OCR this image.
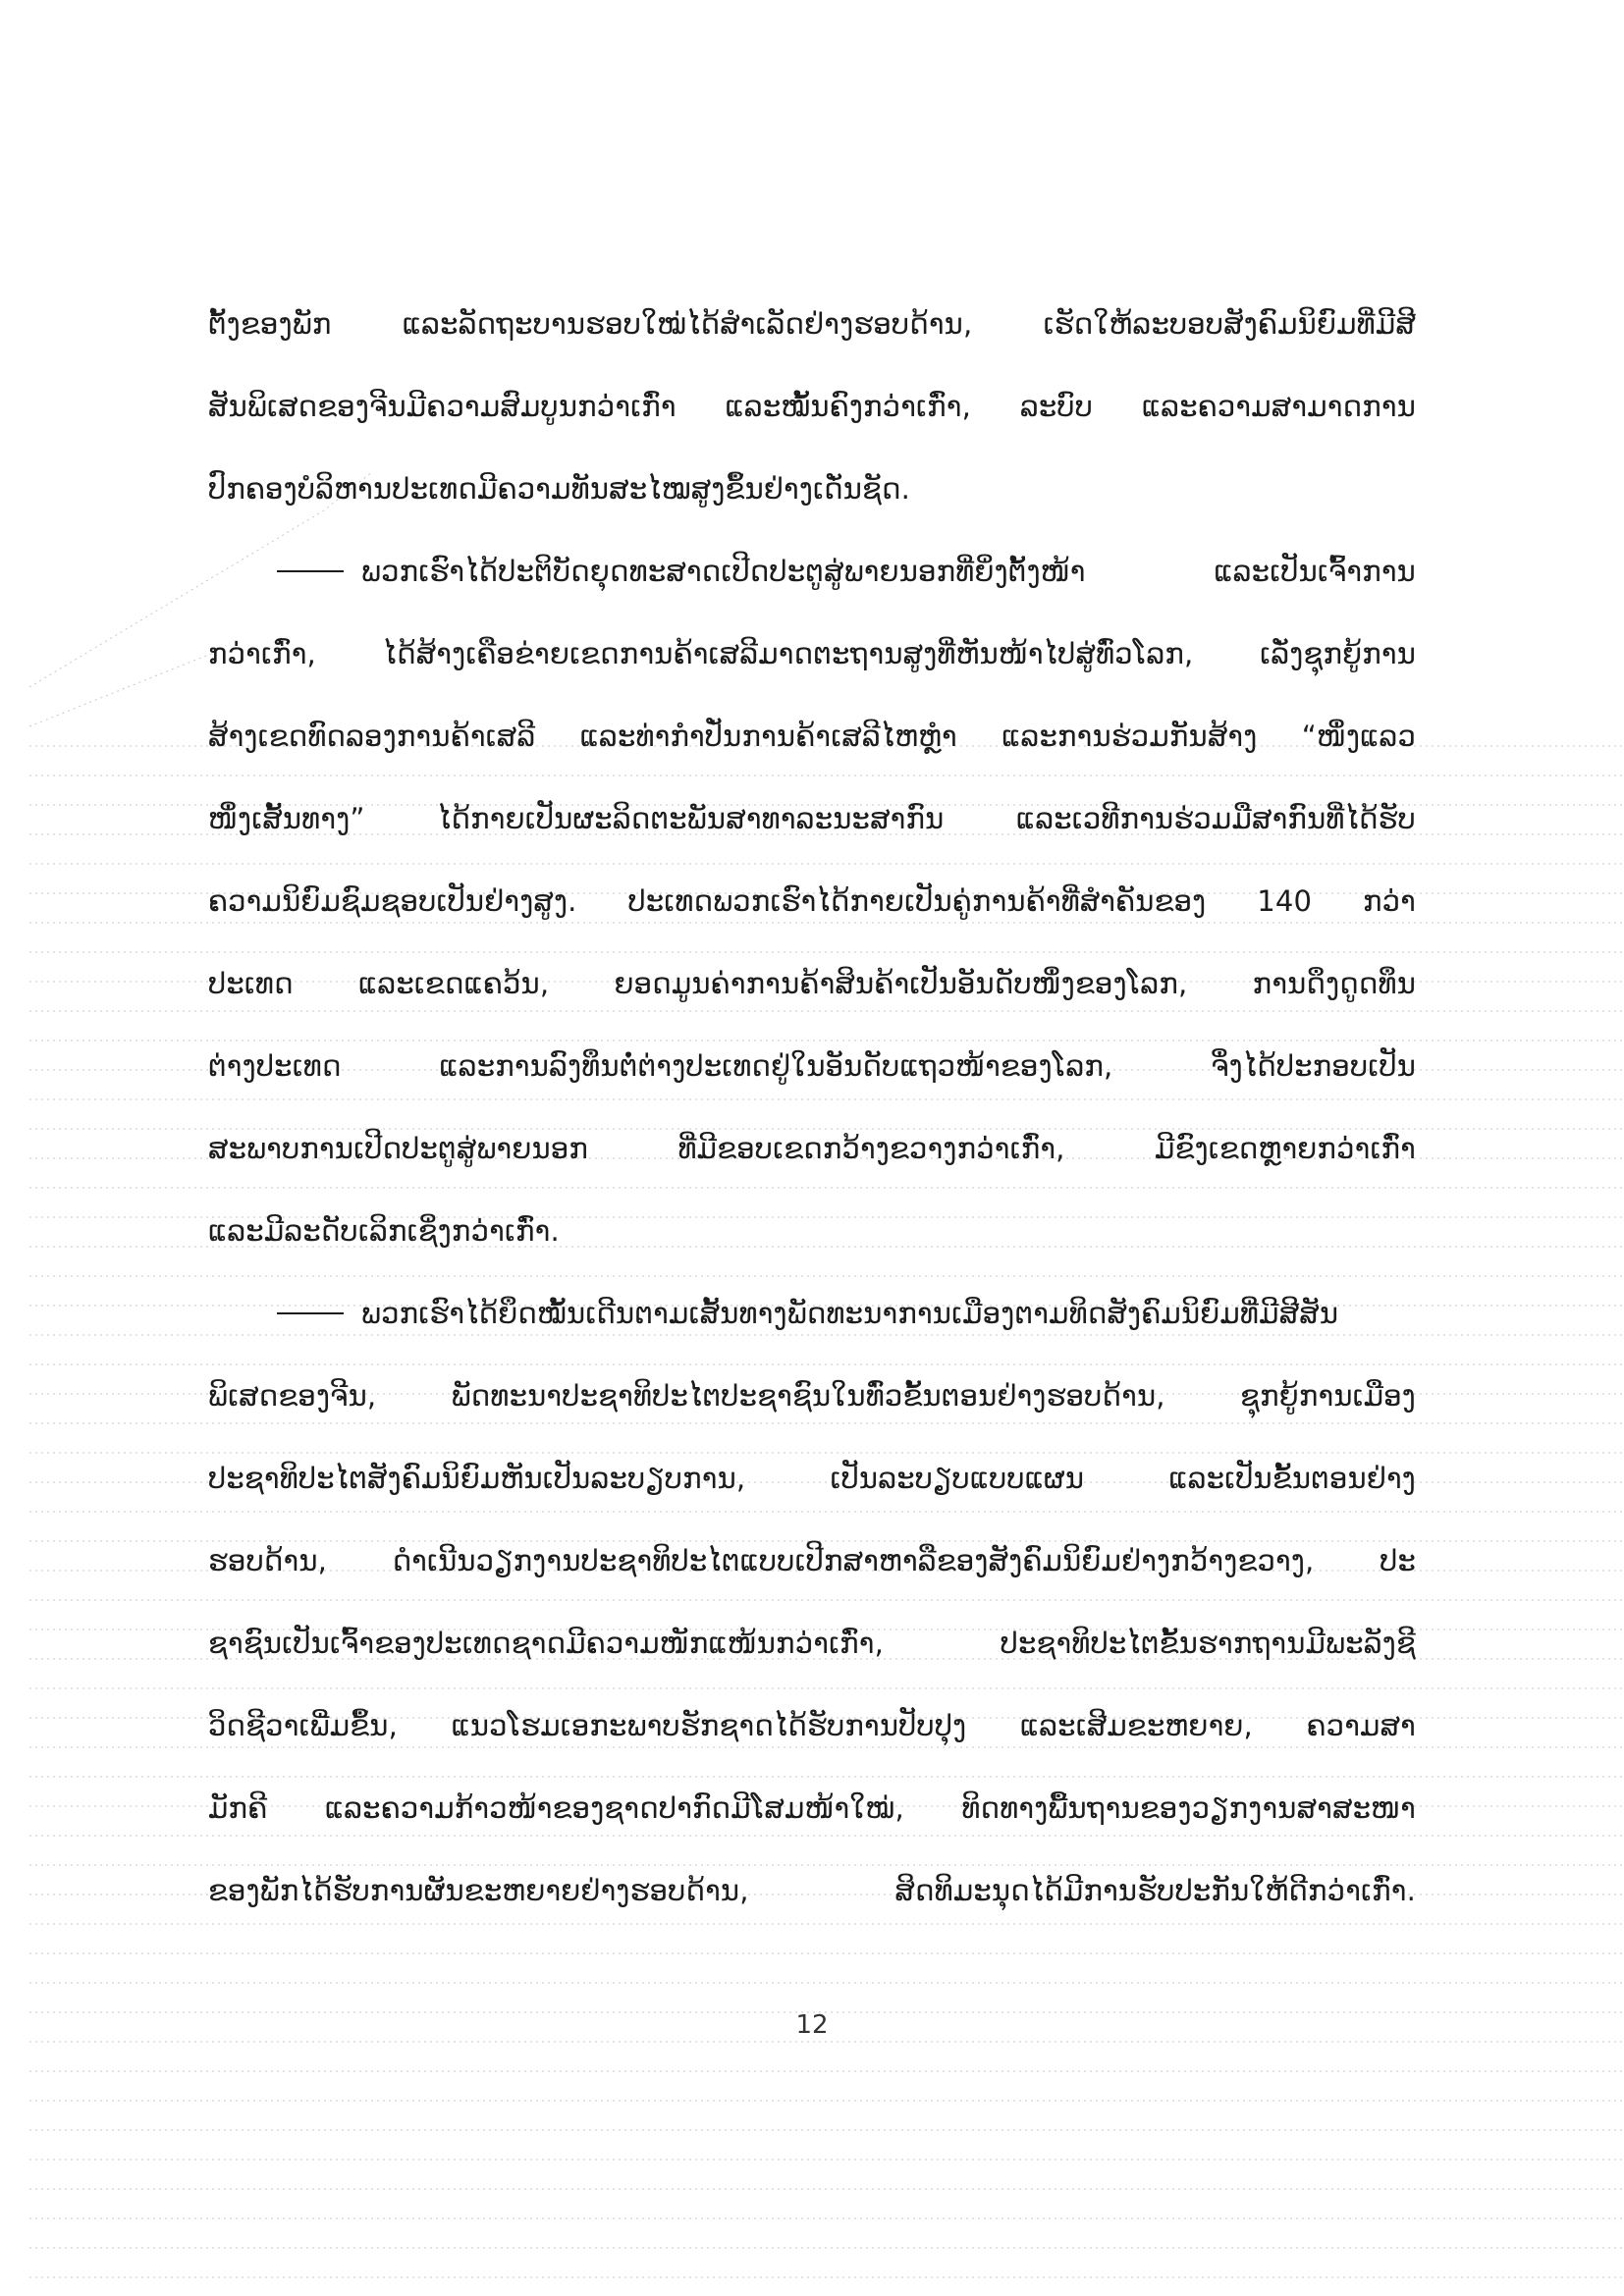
ຕັ້ງຂອງພັກ ແລະລັດຖະບານຮອບໃໝ່ໄດ້ສຳເລັດຢ່າງຮອບດ້ານ, ເຮັດໃຫ້ລະບອບສັງຄົມນິຍົມທີ່ມີສີ
ສັນພິເສດຂອງຈີນມີຄວາມສົມບູນກວ່າເກົ່າ ແລະໝັ້ນຄົງກວ່າເກົ່າ, ລະບົບ ແລະຄວາມສາມາດການ
ປົກຄອງບໍລິຫານປະເທດມີຄວາມທັນສະໄໝສູງຂຶ້ນຢ່າງເດັ່ນຊັດ.
ພວກເຮົາໄດ້ປະຕິບັດຍຸດທະສາດເປີດປະຕູສູ່ພາຍນອກທີ່ຍິ່ງຕັ້ງໜ້າ ແລະເປັນເຈົ້າການ
ກວ່າເກົ່າ, ໄດ້ສ້າງເຄືອຂ່າຍເຂດການຄ້າເສລີມາດຕະຖານສູງທີ່ຫັນໜ້າໄປສູ່ທົ່ວໂລກ, ເລັ່ງຊຸກຍູ້ການ
ສ້າງເຂດທົດລອງການຄ້າເສລີ ແລະທ່າກຳປັ່ນການຄ້າເສລີໄຫຫຼຳ ແລະການຮ່ວມກັນສ້າງ “ໜຶ່ງແລວ
ໜຶ່ງເສັ້ນທາງ” ໄດ້ກາຍເປັນຜະລິດຕະພັນສາທາລະນະສາກົນ ແລະເວທີການຮ່ວມມືສາກົນທີ່ໄດ້ຮັບ
ຄວາມນິຍົມຊົມຊອບເປັນຢ່າງສູງ. ປະເທດພວກເຮົາໄດ້ກາຍເປັນຄູ່ການຄ້າທີ່ສຳຄັນຂອງ 140 ກວ່າ
ປະເທດ ແລະເຂດແຄວ້ນ, ຍອດມູນຄ່າການຄ້າສິນຄ້າເປັນອັນດັບໜຶ່ງຂອງໂລກ, ການດຶງດູດທຶນ
ຕ່າງປະເທດ ແລະການລົງທຶນຕໍ່ຕ່າງປະເທດຢູ່ໃນອັນດັບແຖວໜ້າຂອງໂລກ, ຈຶ່ງໄດ້ປະກອບເປັນ
ສະພາບການເປີດປະຕູສູ່ພາຍນອກ ທີ່ມີຂອບເຂດກວ້າງຂວາງກວ່າເກົ່າ, ມີຂົງເຂດຫຼາຍກວ່າເກົ່າ
ແລະມີລະດັບເລິກເຊິ່ງກວ່າເກົ່າ.
ພວກເຮົາໄດ້ຍຶດໝັ້ນເດີນຕາມເສັ້ນທາງພັດທະນາການເມືອງຕາມທິດສັງຄົມນິຍົມທີ່ມີສີສັນ
ພິເສດຂອງຈີນ, ພັດທະນາປະຊາທິປະໄຕປະຊາຊົນໃນທົ່ວຂັ້ນຕອນຢ່າງຮອບດ້ານ, ຊຸກຍູ້ການເມືອງ
ປະຊາທິປະໄຕສັງຄົມນິຍົມຫັນເປັນລະບຽບການ, ເປັນລະບຽບແບບແຜນ ແລະເປັນຂັ້ນຕອນຢ່າງ
ຮອບດ້ານ, ດຳເນີນວຽກງານປະຊາທິປະໄຕແບບເປີກສາຫາລືຂອງສັງຄົມນິຍົມຢ່າງກວ້າງຂວາງ, ປະ
ຊາຊົນເປັນເຈົ້າຂອງປະເທດຊາດມີຄວາມໜັກແໜ້ນກວ່າເກົ່າ, ປະຊາທິປະໄຕຂັ້ນຮາກຖານມີພະລັງຊີ
ວິດຊີວາເພີ່ມຂຶ້ນ, ແນວໂຮມເອກະພາບຮັກຊາດໄດ້ຮັບການປັບປຸງ ແລະເສີມຂະຫຍາຍ, ຄວາມສາ
ມັກຄີ ແລະຄວາມກ້າວໜ້າຂອງຊາດປາກົດມີໂສມໜ້າໃໝ່, ທິດທາງພື້ນຖານຂອງວຽກງານສາສະໜາ
ຂອງພັກໄດ້ຮັບການຜັນຂະຫຍາຍຢ່າງຮອບດ້ານ, ສິດທິມະນຸດໄດ້ມີການຮັບປະກັນໃຫ້ດີກວ່າເກົ່າ.
12
